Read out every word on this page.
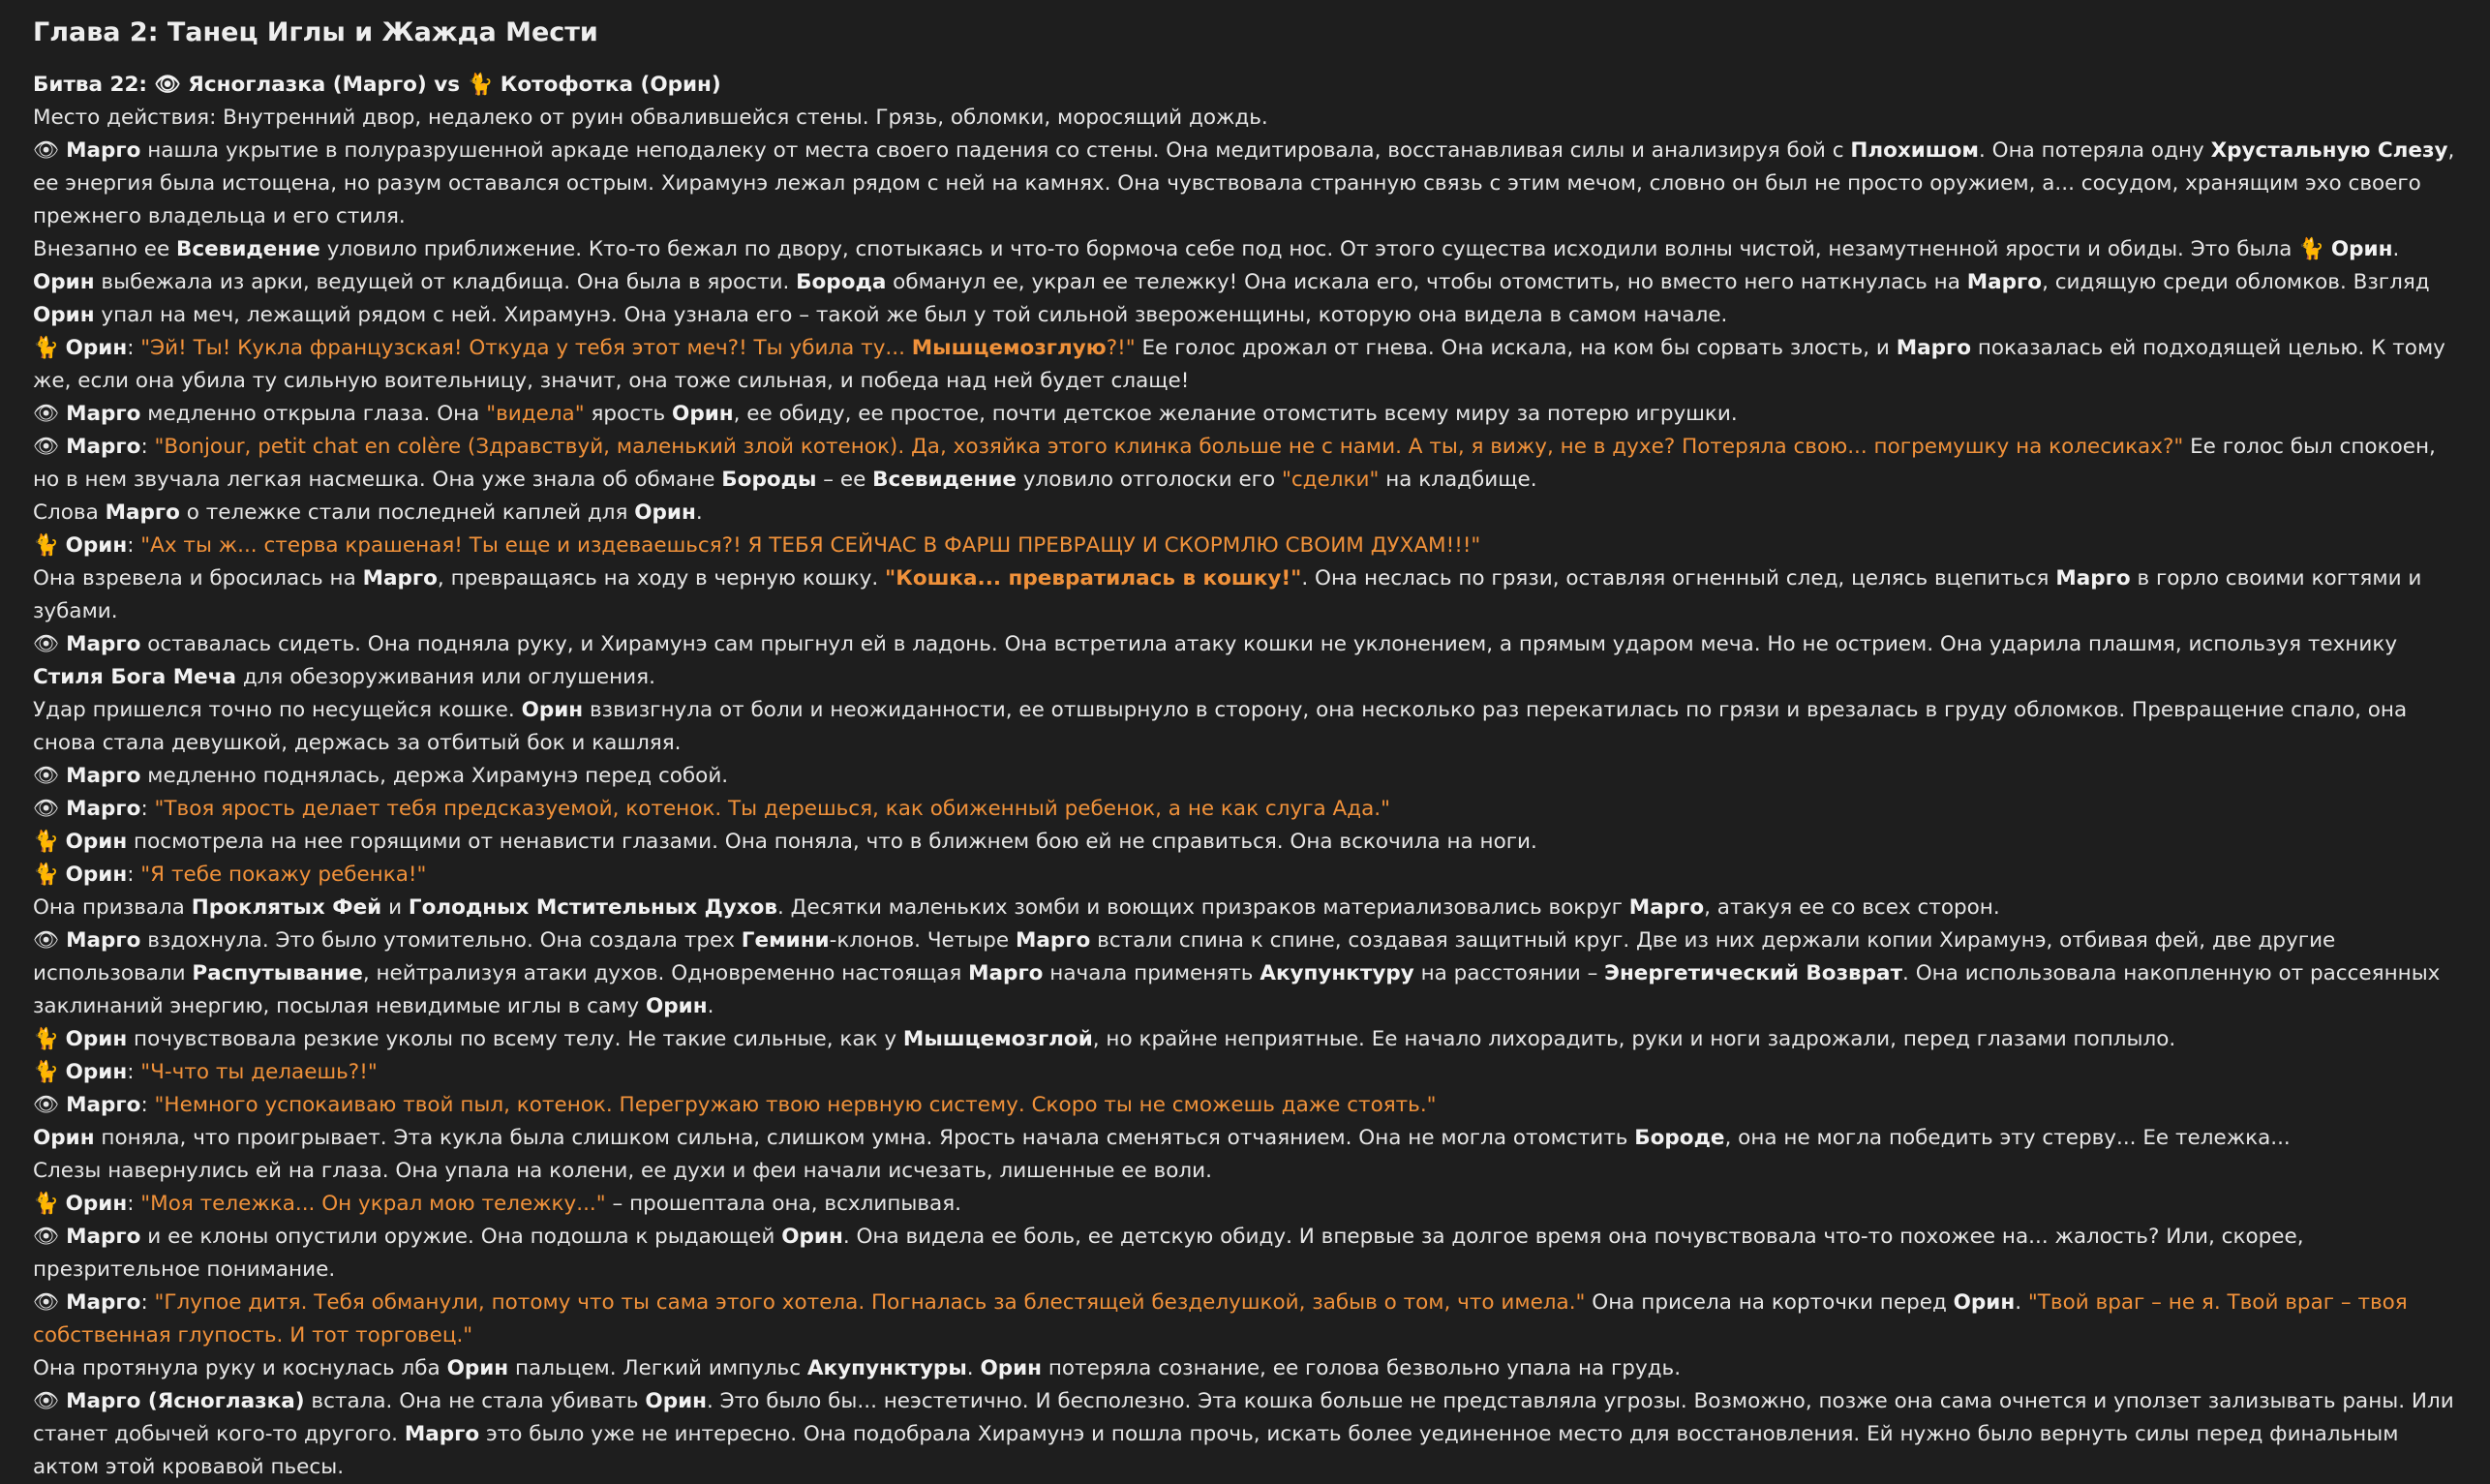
Глава 2: Танец Иглы и Жажда Мести
Битва 22: 👁 Ясноглазка (Марго) vs 🐈 Котофотка (Орин)
Место действия: Внутренний двор, недалеко от руин обвалившейся стены. Грязь, обломки, моросящий дождь.
👁 Марго нашла укрытие в полуразрушенной аркаде неподалеку от места своего падения со стены. Она медитировала, восстанавливая силы и анализируя бой с Плохишом. Она потеряла одну Хрустальную Слезу, ее энергия была истощена, но разум оставался острым. Хирамунэ лежал рядом с ней на камнях. Она чувствовала странную связь с этим мечом, словно он был не просто оружием, а... сосудом, хранящим эхо своего прежнего владельца и его стиля.
Внезапно ее Всевидение уловило приближение. Кто-то бежал по двору, спотыкаясь и что-то бормоча себе под нос. От этого существа исходили волны чистой, незамутненной ярости и обиды. Это была 🐈 Орин.
Орин выбежала из арки, ведущей от кладбища. Она была в ярости. Борода обманул ее, украл ее тележку! Она искала его, чтобы отомстить, но вместо него наткнулась на Марго, сидящую среди обломков. Взгляд Орин упал на меч, лежащий рядом с ней. Хирамунэ. Она узнала его – такой же был у той сильной звероженщины, которую она видела в самом начале.
🐈 Орин: "Эй! Ты! Кукла французская! Откуда у тебя этот меч?! Ты убила ту... Мышцемозглую?!" Ее голос дрожал от гнева. Она искала, на ком бы сорвать злость, и Марго показалась ей подходящей целью. К тому же, если она убила ту сильную воительницу, значит, она тоже сильная, и победа над ней будет слаще!
👁 Марго медленно открыла глаза. Она "видела" ярость Орин, ее обиду, ее простое, почти детское желание отомстить всему миру за потерю игрушки.
👁 Марго: "Bonjour, petit chat en colère (Здравствуй, маленький злой котенок). Да, хозяйка этого клинка больше не с нами. А ты, я вижу, не в духе? Потеряла свою... погремушку на колесиках?" Ее голос был спокоен, но в нем звучала легкая насмешка. Она уже знала об обмане Бороды – ее Всевидение уловило отголоски его "сделки" на кладбище.
Слова Марго о тележке стали последней каплей для Орин.
🐈 Орин: "Ах ты ж... стерва крашеная! Ты еще и издеваешься?! Я ТЕБЯ СЕЙЧАС В ФАРШ ПРЕВРАЩУ И СКОРМЛЮ СВОИМ ДУХАМ!!!"
Она взревела и бросилась на Марго, превращаясь на ходу в черную кошку. "Кошка... превратилась в кошку!". Она неслась по грязи, оставляя огненный след, целясь вцепиться Марго в горло своими когтями и зубами.
👁 Марго оставалась сидеть. Она подняла руку, и Хирамунэ сам прыгнул ей в ладонь. Она встретила атаку кошки не уклонением, а прямым ударом меча. Но не острием. Она ударила плашмя, используя технику Стиля Бога Меча для обезоруживания или оглушения.
Удар пришелся точно по несущейся кошке. Орин взвизгнула от боли и неожиданности, ее отшвырнуло в сторону, она несколько раз перекатилась по грязи и врезалась в груду обломков. Превращение спало, она снова стала девушкой, держась за отбитый бок и кашляя.
👁 Марго медленно поднялась, держа Хирамунэ перед собой.
👁 Марго: "Твоя ярость делает тебя предсказуемой, котенок. Ты дерешься, как обиженный ребенок, а не как слуга Ада."
🐈 Орин посмотрела на нее горящими от ненависти глазами. Она поняла, что в ближнем бою ей не справиться. Она вскочила на ноги.
🐈 Орин: "Я тебе покажу ребенка!"
Она призвала Проклятых Фей и Голодных Мстительных Духов. Десятки маленьких зомби и воющих призраков материализовались вокруг Марго, атакуя ее со всех сторон.
👁 Марго вздохнула. Это было утомительно. Она создала трех Гемини-клонов. Четыре Марго встали спина к спине, создавая защитный круг. Две из них держали копии Хирамунэ, отбивая фей, две другие использовали Распутывание, нейтрализуя атаки духов. Одновременно настоящая Марго начала применять Акупунктуру на расстоянии – Энергетический Возврат. Она использовала накопленную от рассеянных заклинаний энергию, посылая невидимые иглы в саму Орин.
🐈 Орин почувствовала резкие уколы по всему телу. Не такие сильные, как у Мышцемозглой, но крайне неприятные. Ее начало лихорадить, руки и ноги задрожали, перед глазами поплыло.
🐈 Орин: "Ч-что ты делаешь?!"
👁 Марго: "Немного успокаиваю твой пыл, котенок. Перегружаю твою нервную систему. Скоро ты не сможешь даже стоять."
Орин поняла, что проигрывает. Эта кукла была слишком сильна, слишком умна. Ярость начала сменяться отчаянием. Она не могла отомстить Бороде, она не могла победить эту стерву... Ее тележка...
Слезы навернулись ей на глаза. Она упала на колени, ее духи и феи начали исчезать, лишенные ее воли.
🐈 Орин: "Моя тележка... Он украл мою тележку..." – прошептала она, всхлипывая.
👁 Марго и ее клоны опустили оружие. Она подошла к рыдающей Орин. Она видела ее боль, ее детскую обиду. И впервые за долгое время она почувствовала что-то похожее на... жалость? Или, скорее, презрительное понимание.
👁 Марго: "Глупое дитя. Тебя обманули, потому что ты сама этого хотела. Погналась за блестящей безделушкой, забыв о том, что имела." Она присела на корточки перед Орин. "Твой враг – не я. Твой враг – твоя собственная глупость. И тот торговец."
Она протянула руку и коснулась лба Орин пальцем. Легкий импульс Акупунктуры. Орин потеряла сознание, ее голова безвольно упала на грудь.
👁 Марго (Ясноглазка) встала. Она не стала убивать Орин. Это было бы... неэстетично. И бесполезно. Эта кошка больше не представляла угрозы. Возможно, позже она сама очнется и уползет зализывать раны. Или станет добычей кого-то другого. Марго это было уже не интересно. Она подобрала Хирамунэ и пошла прочь, искать более уединенное место для восстановления. Ей нужно было вернуть силы перед финальным актом этой кровавой пьесы.
